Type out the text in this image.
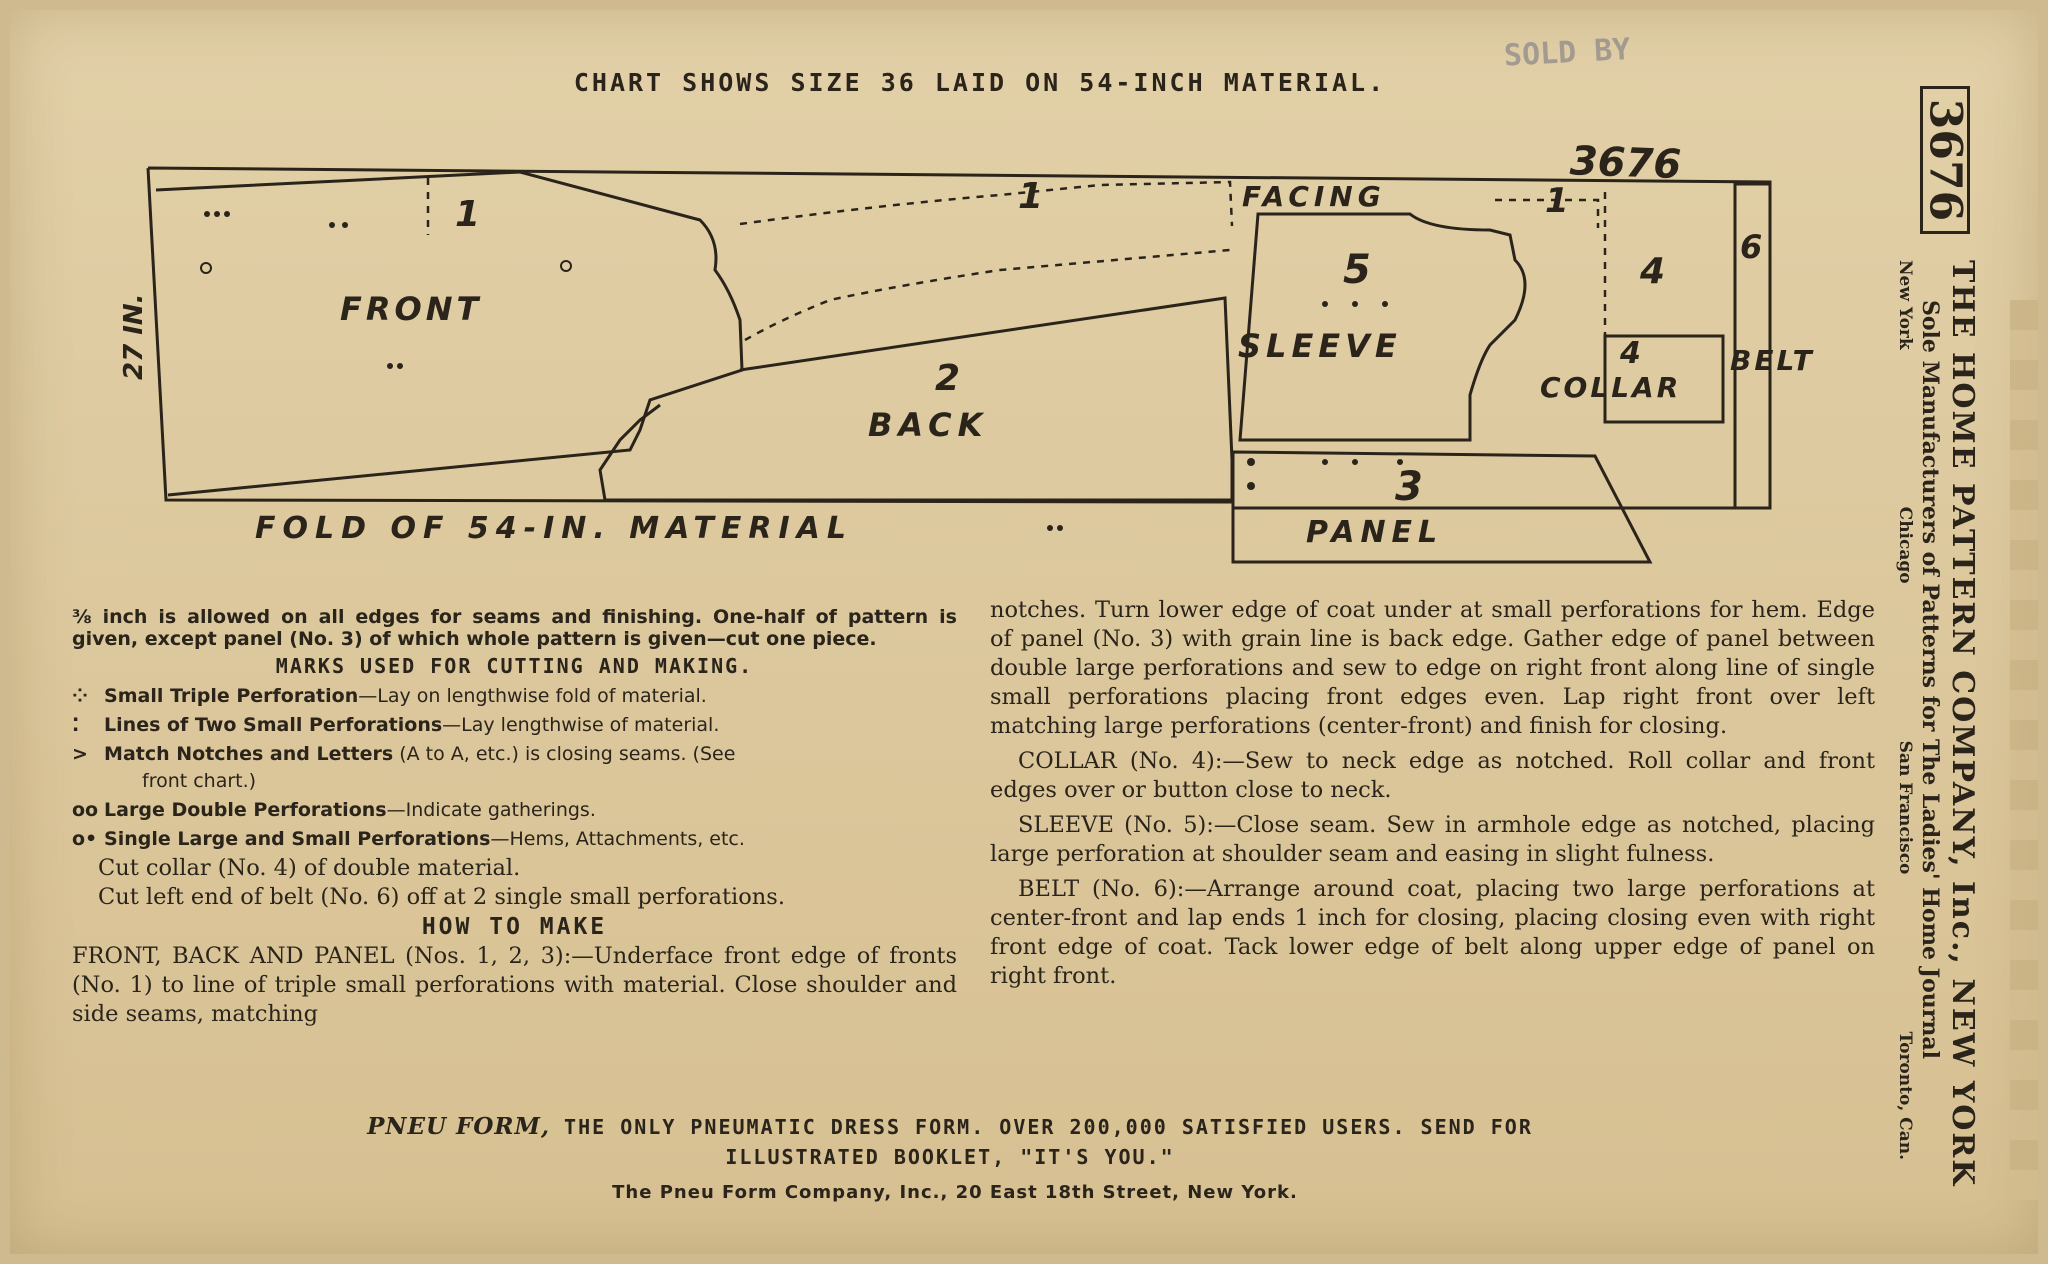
CHART SHOWS SIZE 36 LAID ON 54-INCH MATERIAL.
SOLD BY
3676
27 IN.
1
FRONT
1	FACING	1
2
BACK
5
SLEEVE
4
4
COLLAR
6
BELT
3
PANEL
FOLD OF 54-IN. MATERIAL
⅜ inch is allowed on all edges for seams and finishing. One-half of pattern is given, except panel (No. 3) of which whole pattern is given—cut one piece.
MARKS USED FOR CUTTING AND MAKING.
⁘ Small Triple Perforation—Lay on lengthwise fold of material.
⁚ Lines of Two Small Perforations—Lay lengthwise of material.
> Match Notches and Letters (A to A, etc.) is closing seams. (See
front chart.)
oo Large Double Perforations—Indicate gatherings.
o• Single Large and Small Perforations—Hems, Attachments, etc.
Cut collar (No. 4) of double material.
Cut left end of belt (No. 6) off at 2 single small perforations.
HOW TO MAKE
FRONT, BACK AND PANEL (Nos. 1, 2, 3):—Underface front edge of fronts (No. 1) to line of triple small perforations with material. Close shoulder and side seams, matching
notches. Turn lower edge of coat under at small perforations for hem. Edge of panel (No. 3) with grain line is back edge. Gather edge of panel between double large perforations and sew to edge on right front along line of single small perforations placing front edges even. Lap right front over left matching large perforations (center-front) and finish for closing.
COLLAR (No. 4):—Sew to neck edge as notched. Roll collar and front edges over or button close to neck.
SLEEVE (No. 5):—Close seam. Sew in armhole edge as notched, placing large perforation at shoulder seam and easing in slight fulness.
BELT (No. 6):—Arrange around coat, placing two large perforations at center-front and lap ends 1 inch for closing, placing closing even with right front edge of coat. Tack lower edge of belt along upper edge of panel on right front.
PNEU FORM, THE ONLY PNEUMATIC DRESS FORM. OVER 200,000 SATISFIED USERS. SEND FOR
ILLUSTRATED BOOKLET, "IT'S YOU."
The Pneu Form Company, Inc., 20 East 18th Street, New York.
3676
THE HOME PATTERN COMPANY, Inc., NEW YORK
Sole Manufacturers of Patterns for The Ladies' Home Journal
New York
Chicago
San Francisco
Toronto, Can.
